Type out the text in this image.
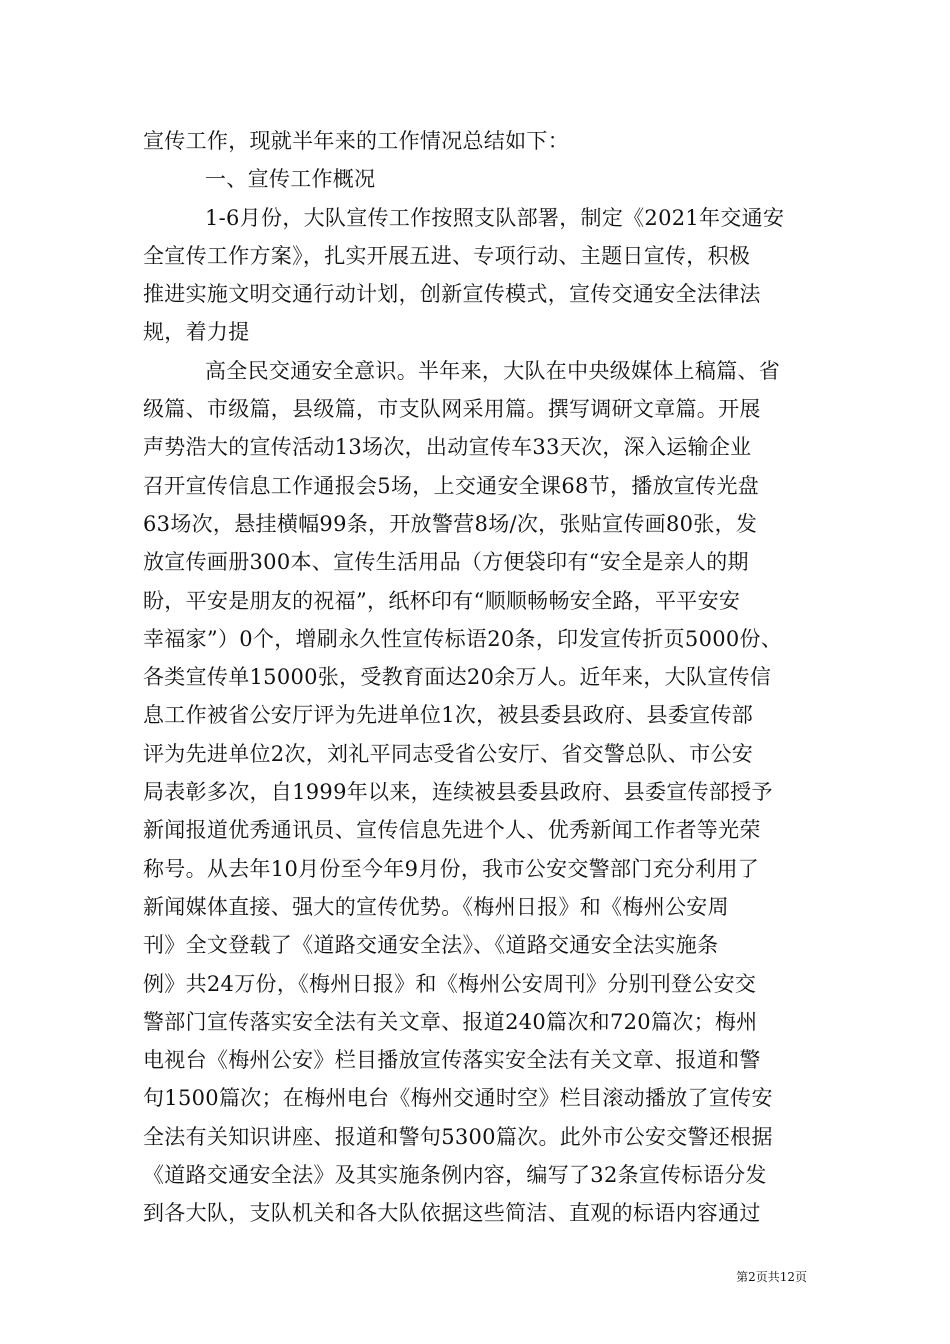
宣传工作，现就半年来的工作情况总结如下：
一、宣传工作概况
1-6月份，大队宣传工作按照支队部署，制定《2021年交通安
全宣传工作方案》，扎实开展五进、专项行动、主题日宣传，积极
推进实施文明交通行动计划，创新宣传模式，宣传交通安全法律法
规，着力提
高全民交通安全意识。半年来，大队在中央级媒体上稿篇、省
级篇、市级篇，县级篇，市支队网采用篇。撰写调研文章篇。开展
声势浩大的宣传活动13场次，出动宣传车33天次，深入运输企业
召开宣传信息工作通报会5场，上交通安全课68节，播放宣传光盘
63场次，悬挂横幅99条，开放警营8场/次，张贴宣传画80张，发
放宣传画册300本、宣传生活用品（方便袋印有“安全是亲人的期
盼，平安是朋友的祝福”，纸杯印有“顺顺畅畅安全路，平平安安
幸福家”）0个，增刷永久性宣传标语20条，印发宣传折页5000份、
各类宣传单15000张，受教育面达20余万人。近年来，大队宣传信
息工作被省公安厅评为先进单位1次，被县委县政府、县委宣传部
评为先进单位2次，刘礼平同志受省公安厅、省交警总队、市公安
局表彰多次，自1999年以来，连续被县委县政府、县委宣传部授予
新闻报道优秀通讯员、宣传信息先进个人、优秀新闻工作者等光荣
称号。从去年10月份至今年9月份，我市公安交警部门充分利用了
新闻媒体直接、强大的宣传优势。《梅州日报》和《梅州公安周
刊》全文登载了《道路交通安全法》、《道路交通安全法实施条
例》共24万份，《梅州日报》和《梅州公安周刊》分别刊登公安交
警部门宣传落实安全法有关文章、报道240篇次和720篇次；梅州
电视台《梅州公安》栏目播放宣传落实安全法有关文章、报道和警
句1500篇次；在梅州电台《梅州交通时空》栏目滚动播放了宣传安
全法有关知识讲座、报道和警句5300篇次。此外市公安交警还根据
《道路交通安全法》及其实施条例内容，编写了32条宣传标语分发
到各大队，支队机关和各大队依据这些简洁、直观的标语内容通过
第2页共12页
